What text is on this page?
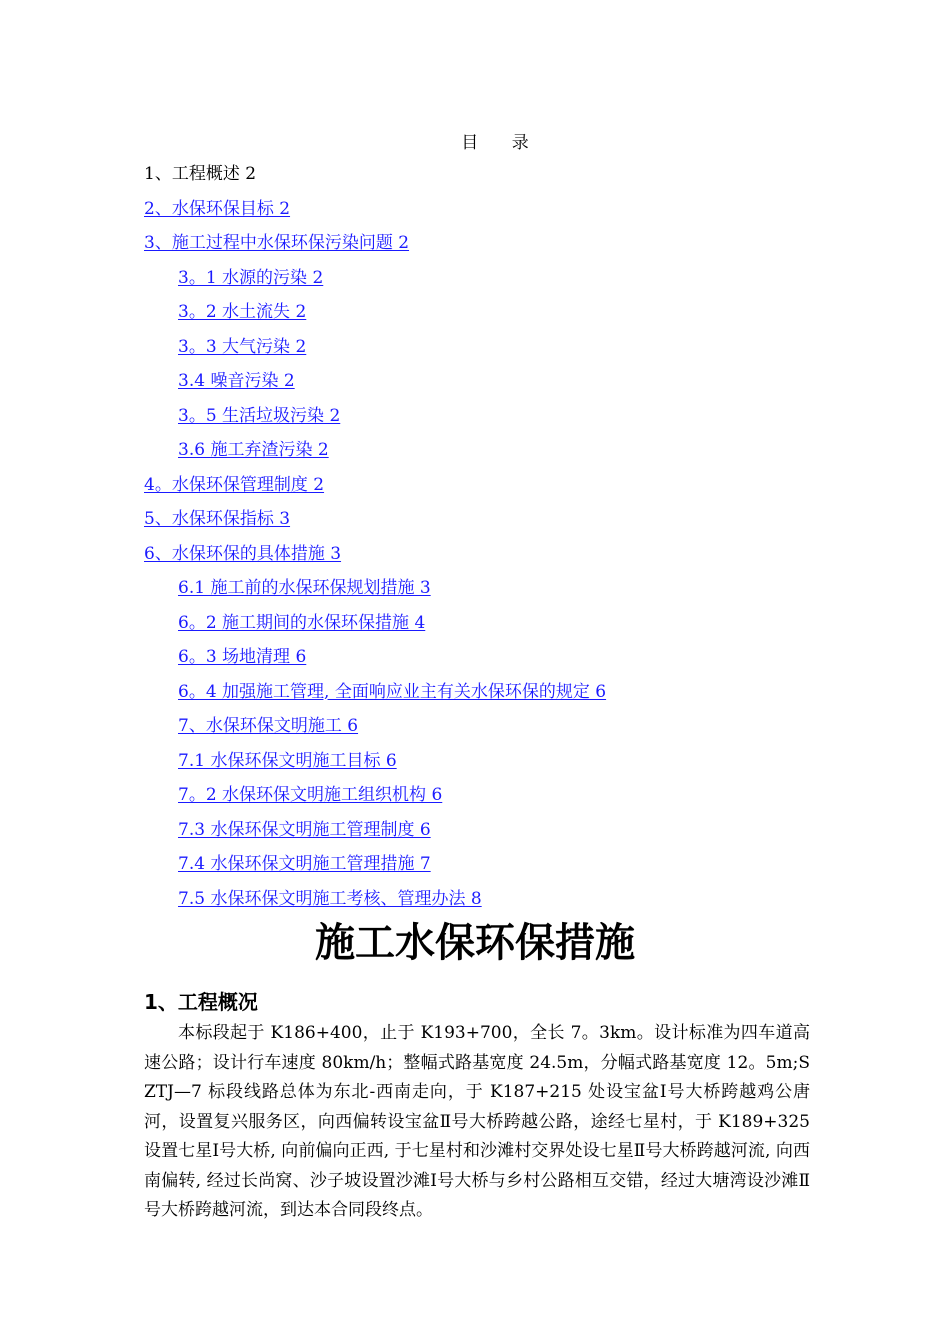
目 录
1、工程概述 2
2、水保环保目标 2
3、施工过程中水保环保污染问题 2
3。1 水源的污染 2
3。2 水土流失 2
3。3 大气污染 2
3.4 噪音污染 2
3。5 生活垃圾污染 2
3.6 施工弃渣污染 2
4。水保环保管理制度 2
5、水保环保指标 3
6、水保环保的具体措施 3
6.1 施工前的水保环保规划措施 3
6。2 施工期间的水保环保措施 4
6。3 场地清理 6
6。4 加强施工管理, 全面响应业主有关水保环保的规定 6
7、水保环保文明施工 6
7.1 水保环保文明施工目标 6
7。2 水保环保文明施工组织机构 6
7.3 水保环保文明施工管理制度 6
7.4 水保环保文明施工管理措施 7
7.5 水保环保文明施工考核、管理办法 8
施工水保环保措施
1、工程概况
本标段起于 K186+400，止于 K193+700，全长 7。3km。设计标准为四车道高速公路；设计行车速度 80km/h；整幅式路基宽度 24.5m，分幅式路基宽度 12。5m;SZTJ—7 标段线路总体为东北-西南走向，于 K187+215 处设宝盆Ⅰ号大桥跨越鸡公唐河，设置复兴服务区，向西偏转设宝盆Ⅱ号大桥跨越公路，途经七星村，于 K189+325 设置七星Ⅰ号大桥, 向前偏向正西, 于七星村和沙滩村交界处设七星Ⅱ号大桥跨越河流, 向西南偏转, 经过长尚窝、沙子坡设置沙滩Ⅰ号大桥与乡村公路相互交错，经过大塘湾设沙滩Ⅱ号大桥跨越河流，到达本合同段终点。
